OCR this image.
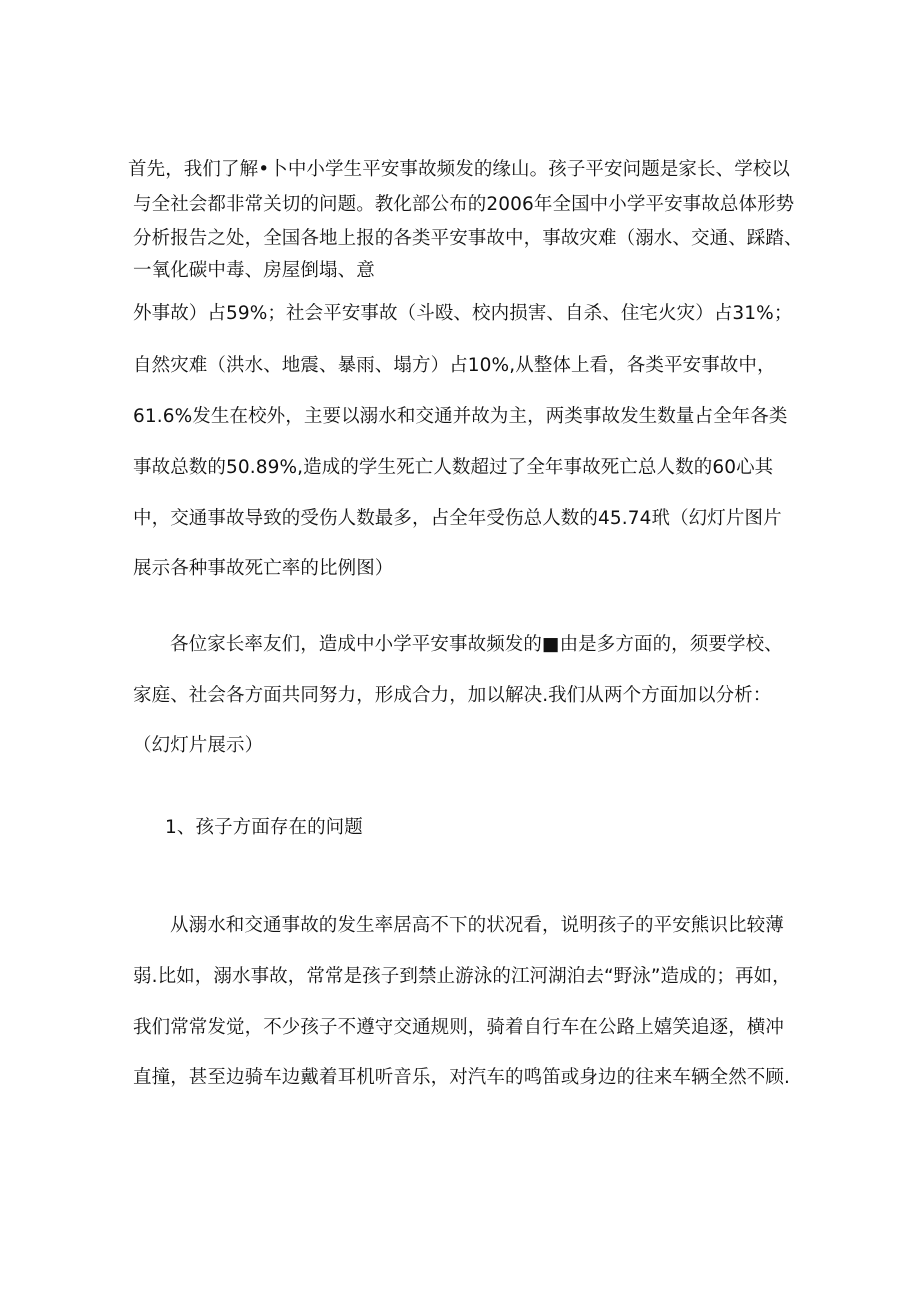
首先，我们了解•卜中小学生平安事故频发的缘山。孩子平安问题是家长、学校以
与全社会都非常关切的问题。教化部公布的2006年全国中小学平安事故总体形势
分析报告之处，全国各地上报的各类平安事故中，事故灾难（溺水、交通、踩踏、
一氧化碳中毒、房屋倒塌、意
外事故）占59%；社会平安事故（斗殴、校内损害、自杀、住宅火灾）占31%；
自然灾难（洪水、地震、暴雨、塌方）占10%,从整体上看，各类平安事故中，
61.6%发生在校外，主要以溺水和交通并故为主，两类事故发生数量占全年各类
事故总数的50.89%,造成的学生死亡人数超过了全年事故死亡总人数的60心其
中，交通事故导致的受伤人数最多，占全年受伤总人数的45.74玳（幻灯片图片
展示各种事故死亡率的比例图）
各位家长率友们，造成中小学平安事故频发的■由是多方面的，须要学校、
家庭、社会各方面共同努力，形成合力，加以解决.我们从两个方面加以分析：
（幻灯片展示）
1、孩子方面存在的问题
从溺水和交通事故的发生率居高不下的状况看，说明孩子的平安熊识比较薄
弱.比如，溺水事故，常常是孩子到禁止游泳的江河湖泊去“野泳”造成的；再如，
我们常常发觉，不少孩子不遵守交通规则，骑着自行车在公路上嬉笑追逐，横冲
直撞，甚至边骑车边戴着耳机听音乐，对汽车的鸣笛或身边的往来车辆全然不顾.
